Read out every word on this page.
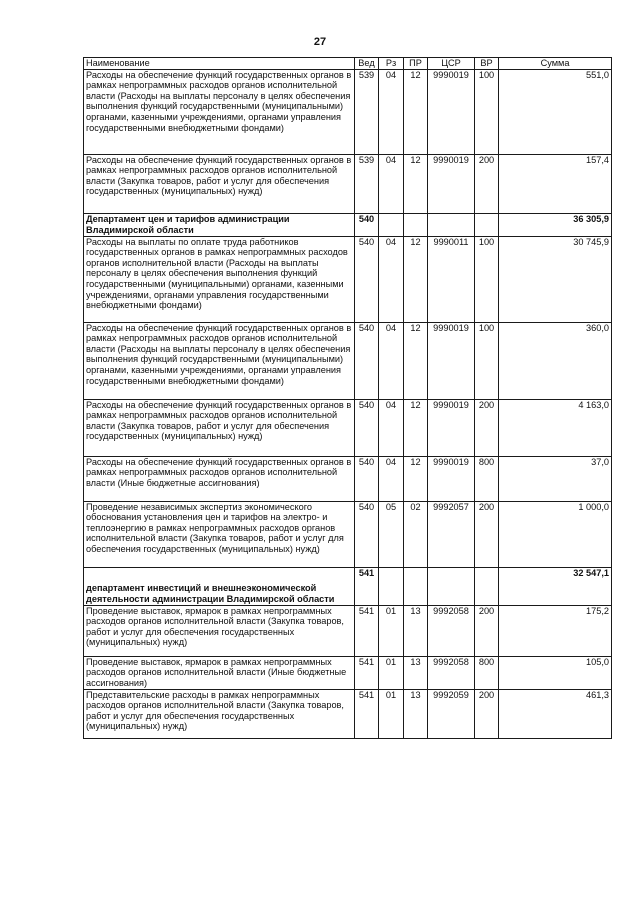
27
Наименование	Вед	Рз	ПР	ЦСР	ВР	Сумма
Расходы на обеспечение функций государственных органов в рамках непрограммных расходов органов исполнительной власти (Расходы на выплаты персоналу в целях обеспечения выполнения функций государственными (муниципальными) органами, казенными учреждениями, органами управления государственными внебюджетными фондами)	539	04	12	9990019	100	551,0
Расходы на обеспечение функций государственных органов в рамках непрограммных расходов органов исполнительной власти (Закупка товаров, работ и услуг для обеспечения государственных (муниципальных) нужд)	539	04	12	9990019	200	157,4
Департамент цен и тарифов администрации Владимирской области	540					36 305,9
Расходы на выплаты по оплате труда работников государственных органов в рамках непрограммных расходов органов исполнительной власти (Расходы на выплаты персоналу в целях обеспечения выполнения функций государственными (муниципальными) органами, казенными учреждениями, органами управления государственными внебюджетными фондами)	540	04	12	9990011	100	30 745,9
Расходы на обеспечение функций государственных органов в рамках непрограммных расходов органов исполнительной власти (Расходы на выплаты персоналу в целях обеспечения выполнения функций государственными (муниципальными) органами, казенными учреждениями, органами управления государственными внебюджетными фондами)	540	04	12	9990019	100	360,0
Расходы на обеспечение функций государственных органов в рамках непрограммных расходов органов исполнительной власти (Закупка товаров, работ и услуг для обеспечения государственных (муниципальных) нужд)	540	04	12	9990019	200	4 163,0
Расходы на обеспечение функций государственных органов в рамках непрограммных расходов органов исполнительной власти (Иные бюджетные ассигнования)	540	04	12	9990019	800	37,0
Проведение независимых экспертиз экономического обоснования установления цен и тарифов на электро- и теплоэнергию в рамках непрограммных расходов органов исполнительной власти (Закупка товаров, работ и услуг для обеспечения государственных (муниципальных) нужд)	540	05	02	9992057	200	1 000,0
департамент инвестиций и внешнеэкономической деятельности администрации Владимирской области	541					32 547,1
Проведение выставок, ярмарок в рамках непрограммных расходов органов исполнительной власти (Закупка товаров, работ и услуг для обеспечения государственных (муниципальных) нужд)	541	01	13	9992058	200	175,2
Проведение выставок, ярмарок в рамках непрограммных расходов органов исполнительной власти (Иные бюджетные ассигнования)	541	01	13	9992058	800	105,0
Представительские расходы в рамках непрограммных расходов органов исполнительной власти (Закупка товаров, работ и услуг для обеспечения государственных (муниципальных) нужд)	541	01	13	9992059	200	461,3
